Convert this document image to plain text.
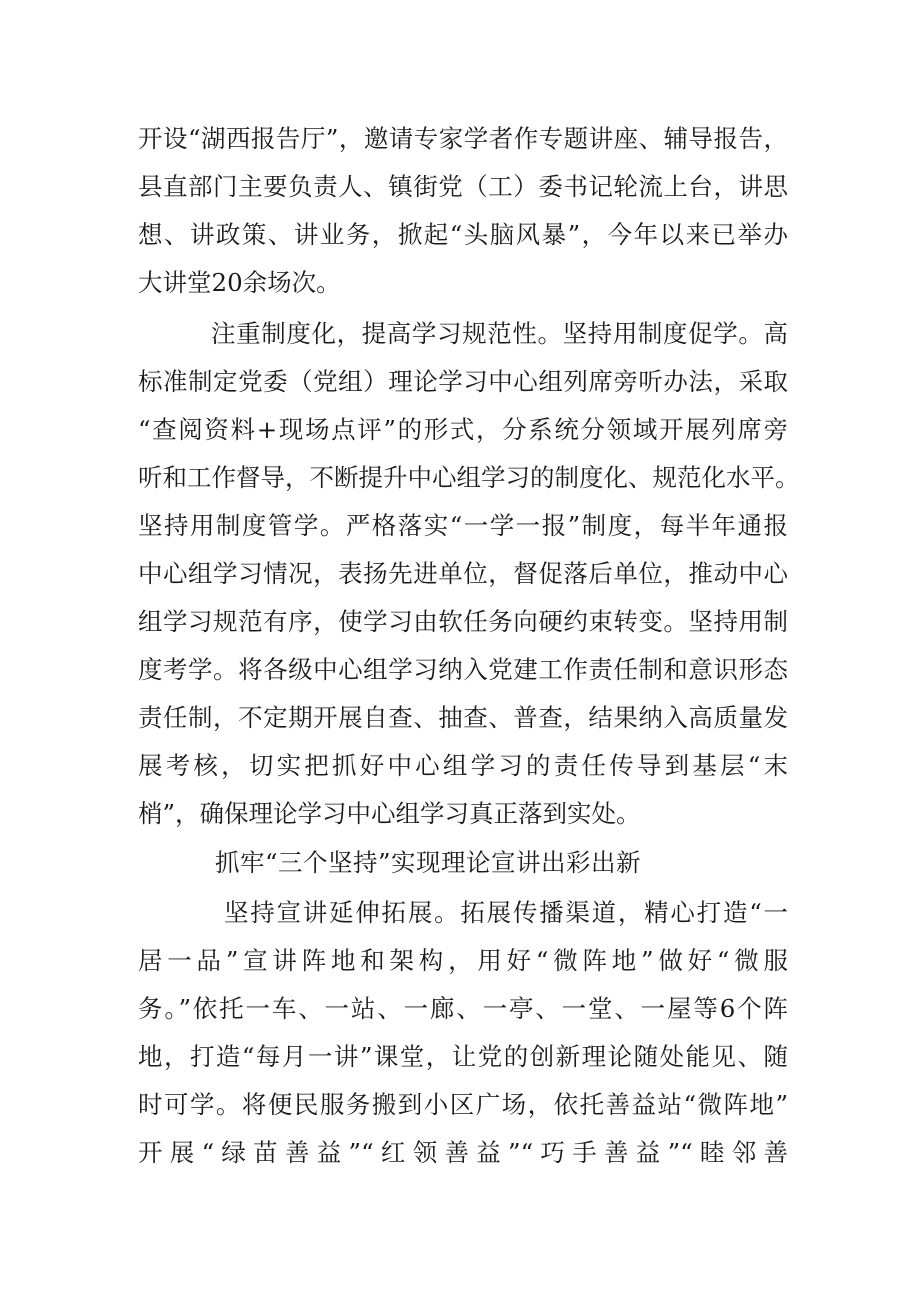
开设“湖西报告厅”，邀请专家学者作专题讲座、辅导报告，
县直部门主要负责人、镇街党（工）委书记轮流上台，讲思
想、讲政策、讲业务，掀起“头脑风暴”，今年以来已举办
大讲堂20余场次。
注重制度化，提高学习规范性。坚持用制度促学。高
标准制定党委（党组）理论学习中心组列席旁听办法，采取
“查阅资料+现场点评”的形式，分系统分领域开展列席旁
听和工作督导，不断提升中心组学习的制度化、规范化水平。
坚持用制度管学。严格落实“一学一报”制度，每半年通报
中心组学习情况，表扬先进单位，督促落后单位，推动中心
组学习规范有序，使学习由软任务向硬约束转变。坚持用制
度考学。将各级中心组学习纳入党建工作责任制和意识形态
责任制，不定期开展自查、抽查、普查，结果纳入高质量发
展考核，切实把抓好中心组学习的责任传导到基层“末
梢”，确保理论学习中心组学习真正落到实处。
抓牢“三个坚持”实现理论宣讲出彩出新
坚持宣讲延伸拓展。拓展传播渠道，精心打造“一
居一品”宣讲阵地和架构，用好“微阵地”做好“微服
务。”依托一车、一站、一廊、一亭、一堂、一屋等6个阵
地，打造“每月一讲”课堂，让党的创新理论随处能见、随
时可学。将便民服务搬到小区广场，依托善益站“微阵地”
开展“绿苗善益”“红领善益”“巧手善益”“睦邻善
